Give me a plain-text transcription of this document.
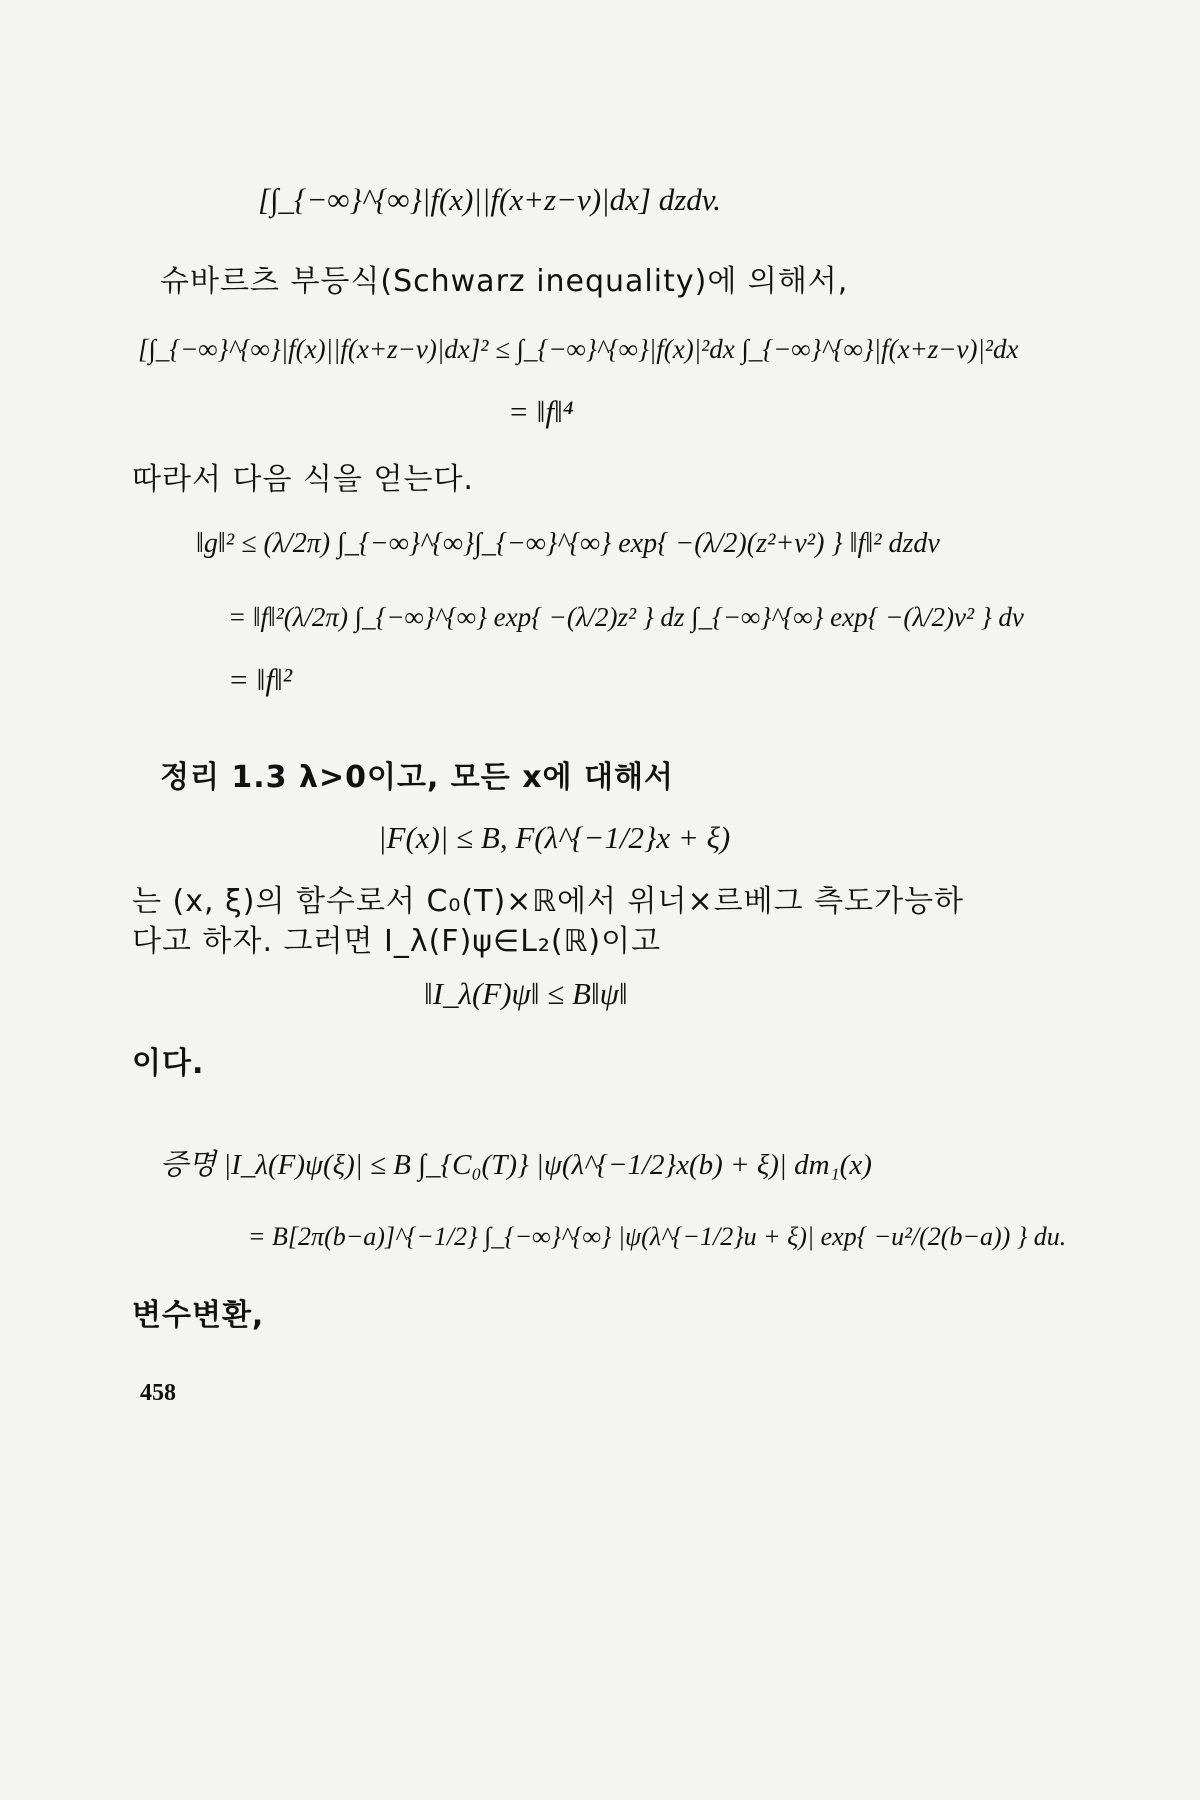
[∫_{−∞}^{∞}|f(x)||f(x+z−v)|dx] dzdv.
슈바르츠 부등식(Schwarz inequality)에 의해서,
[∫_{−∞}^{∞}|f(x)||f(x+z−v)|dx]² ≤ ∫_{−∞}^{∞}|f(x)|²dx ∫_{−∞}^{∞}|f(x+z−v)|²dx
= ‖f‖⁴
따라서 다음 식을 얻는다.
‖g‖² ≤ (λ/2π) ∫_{−∞}^{∞}∫_{−∞}^{∞} exp{ −(λ/2)(z²+v²) } ‖f‖² dzdv
= ‖f‖²(λ/2π) ∫_{−∞}^{∞} exp{ −(λ/2)z² } dz ∫_{−∞}^{∞} exp{ −(λ/2)v² } dv
= ‖f‖²
정리 1.3 λ>0이고, 모든 x에 대해서
|F(x)| ≤ B, F(λ^{−1/2}x + ξ)
는 (x, ξ)의 함수로서 C₀(T)×ℝ에서 위너×르베그 측도가능하
다고 하자. 그러면 I_λ(F)ψ∈L₂(ℝ)이고
‖I_λ(F)ψ‖ ≤ B‖ψ‖
이다.
증명 |I_λ(F)ψ(ξ)| ≤ B ∫_{C₀(T)} |ψ(λ^{−1/2}x(b) + ξ)| dm₁(x)
= B[2π(b−a)]^{−1/2} ∫_{−∞}^{∞} |ψ(λ^{−1/2}u + ξ)| exp{ −u²/(2(b−a)) } du.
변수변환,
458
